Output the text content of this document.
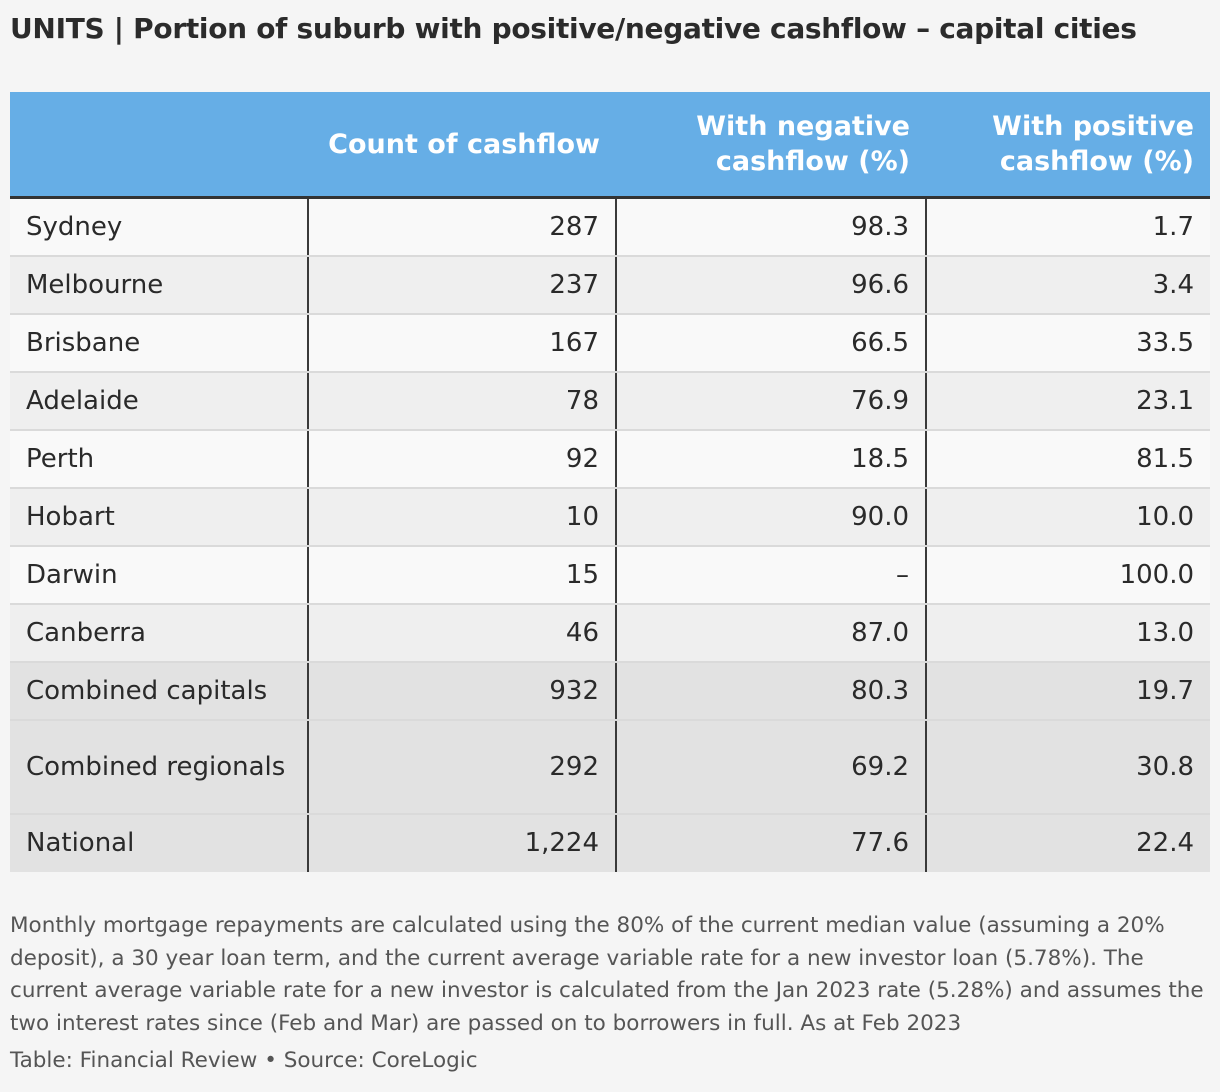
UNITS | Portion of suburb with positive/negative cashflow – capital cities
	Count of cashflow	With negative cashflow (%)	With positive cashflow (%)
Sydney	287	98.3	1.7
Melbourne	237	96.6	3.4
Brisbane	167	66.5	33.5
Adelaide	78	76.9	23.1
Perth	92	18.5	81.5
Hobart	10	90.0	10.0
Darwin	15	–	100.0
Canberra	46	87.0	13.0
Combined capitals	932	80.3	19.7
Combined regionals	292	69.2	30.8
National	1,224	77.6	22.4
Monthly mortgage repayments are calculated using the 80% of the current median value (assuming a 20% deposit), a 30 year loan term, and the current average variable rate for a new investor loan (5.78%). The current average variable rate for a new investor is calculated from the Jan 2023 rate (5.28%) and assumes the two interest rates since (Feb and Mar) are passed on to borrowers in full. As at Feb 2023
Table: Financial Review • Source: CoreLogic
